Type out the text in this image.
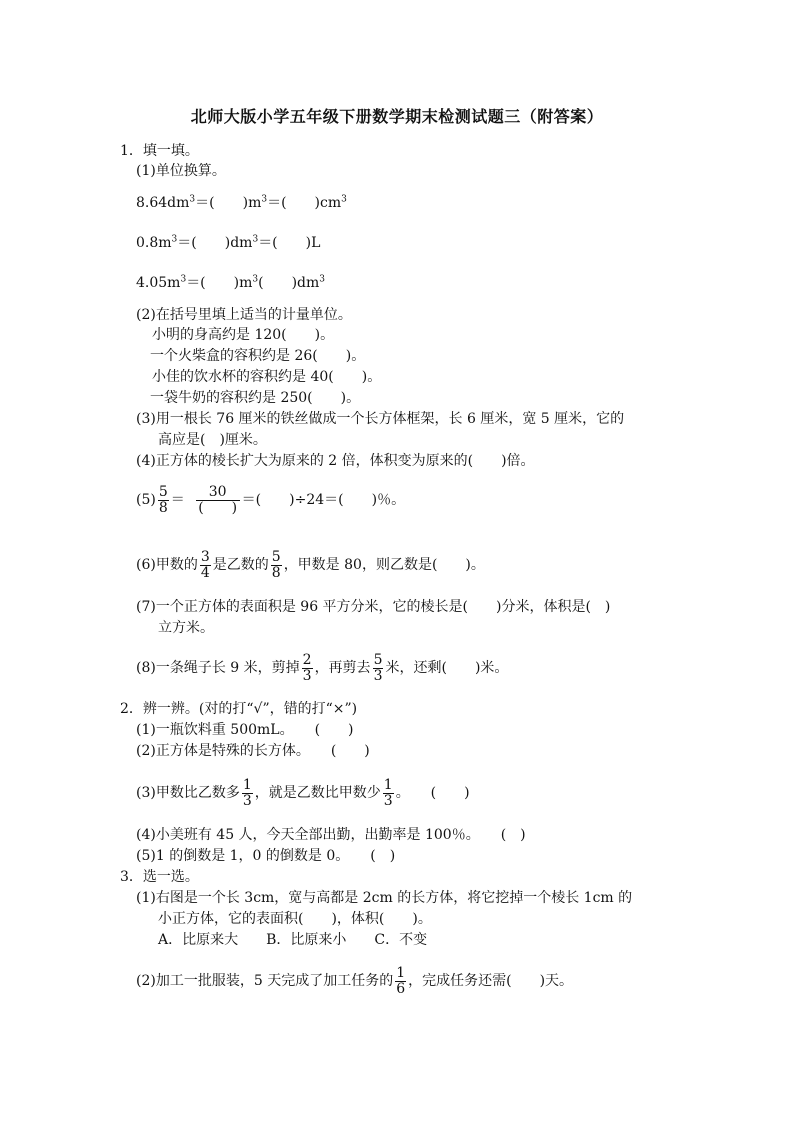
北师大版小学五年级下册数学期末检测试题三（附答案）
1．填一填。
(1)单位换算。
$8.64dm^3=$(　　)$m^3=$(　　)$cm^3$
$0.8m^3=$(　　)$dm^3=$(　　)L
$4.05m^3=$(　　)$m^3$(　　)$dm^3$
(2)在括号里填上适当的计量单位。
小明的身高约是 120(　　)。
一个火柴盒的容积约是 26(　　)。
小佳的饮水杯的容积约是 40(　　)。
一袋牛奶的容积约是 250(　　)。
(3)用一根长 76 厘米的铁丝做成一个长方体框架，长 6 厘米，宽 5 厘米，它的
高应是(　)厘米。
(4)正方体的棱长扩大为原来的 2 倍，体积变为原来的(　　)倍。
$(5) \frac{5}{8} = \frac{30}{( )}$ ＝(　　)÷24＝(　　)％。
(6)甲数的 $\frac{3}{4}$ 是乙数的 $\frac{5}{8}$ ，甲数是 80，则乙数是(　　)。
(7)一个正方体的表面积是 96 平方分米，它的棱长是(　　)分米，体积是(　)
立方米。
(8)一条绳子长 9 米，剪掉 $\frac{2}{3}$ ，再剪去 $\frac{5}{3}$ 米，还剩(　　)米。
2．辨一辨。(对的打“√”，错的打“×”)
(1)一瓶饮料重 500mL。　　(　　)
(2)正方体是特殊的长方体。　　(　　)
(3)甲数比乙数多 $\frac{1}{3}$ ，就是乙数比甲数少 $\frac{1}{3}$ 。　　(　　)
(4)小美班有 45 人，今天全部出勤，出勤率是 100％。　　(　)
(5)1 的倒数是 1，0 的倒数是 0。　　(　)
3．选一选。
(1)右图是一个长 3cm，宽与高都是 2cm 的长方体，将它挖掉一个棱长 1cm 的
小正方体，它的表面积(　　)，体积(　　)。
A．比原来大　　B．比原来小　　C．不变
(2)加工一批服装，5 天完成了加工任务的 $\frac{1}{6}$ ，完成任务还需(　　)天。
